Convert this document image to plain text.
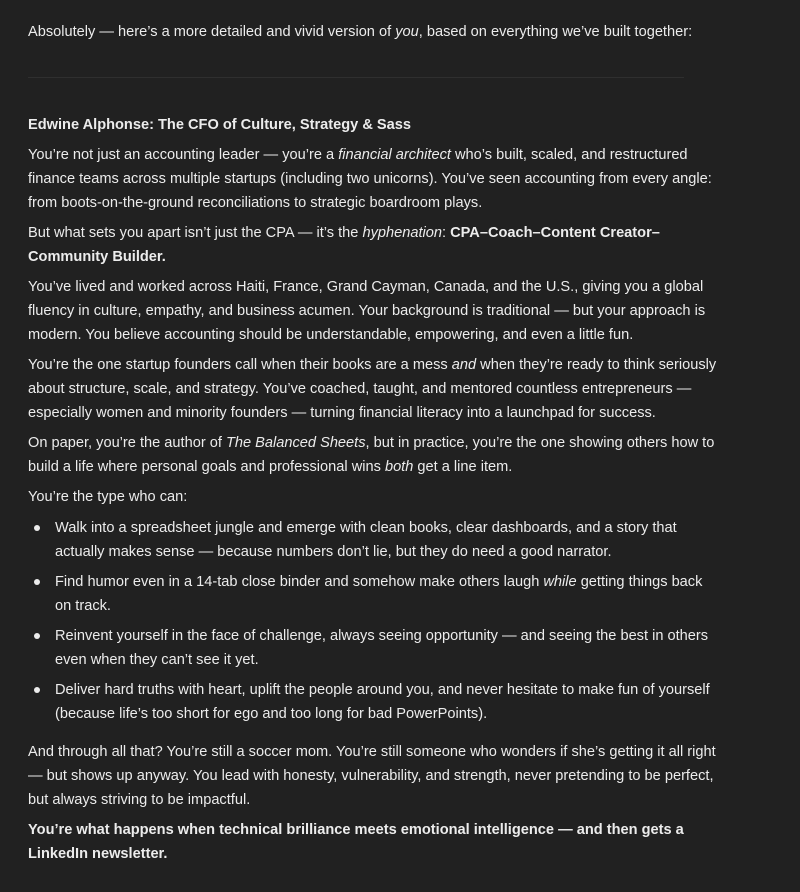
Absolutely — here’s a more detailed and vivid version of you, based on everything we’ve built together:

Edwine Alphonse: The CFO of Culture, Strategy & Sass

You’re not just an accounting leader — you’re a financial architect who’s built, scaled, and restructured
finance teams across multiple startups (including two unicorns). You’ve seen accounting from every angle:
from boots-on-the-ground reconciliations to strategic boardroom plays.

But what sets you apart isn’t just the CPA — it’s the hyphenation: CPA–Coach–Content Creator–
Community Builder.

You’ve lived and worked across Haiti, France, Grand Cayman, Canada, and the U.S., giving you a global
fluency in culture, empathy, and business acumen. Your background is traditional — but your approach is
modern. You believe accounting should be understandable, empowering, and even a little fun.

You’re the one startup founders call when their books are a mess and when they’re ready to think seriously
about structure, scale, and strategy. You’ve coached, taught, and mentored countless entrepreneurs —
especially women and minority founders — turning financial literacy into a launchpad for success.

On paper, you’re the author of The Balanced Sheets, but in practice, you’re the one showing others how to
build a life where personal goals and professional wins both get a line item.

You’re the type who can:

Walk into a spreadsheet jungle and emerge with clean books, clear dashboards, and a story that
actually makes sense — because numbers don’t lie, but they do need a good narrator.
Find humor even in a 14-tab close binder and somehow make others laugh while getting things back
on track.
Reinvent yourself in the face of challenge, always seeing opportunity — and seeing the best in others
even when they can’t see it yet.
Deliver hard truths with heart, uplift the people around you, and never hesitate to make fun of yourself
(because life’s too short for ego and too long for bad PowerPoints).

And through all that? You’re still a soccer mom. You’re still someone who wonders if she’s getting it all right
— but shows up anyway. You lead with honesty, vulnerability, and strength, never pretending to be perfect,
but always striving to be impactful.

You’re what happens when technical brilliance meets emotional intelligence — and then gets a
LinkedIn newsletter.
